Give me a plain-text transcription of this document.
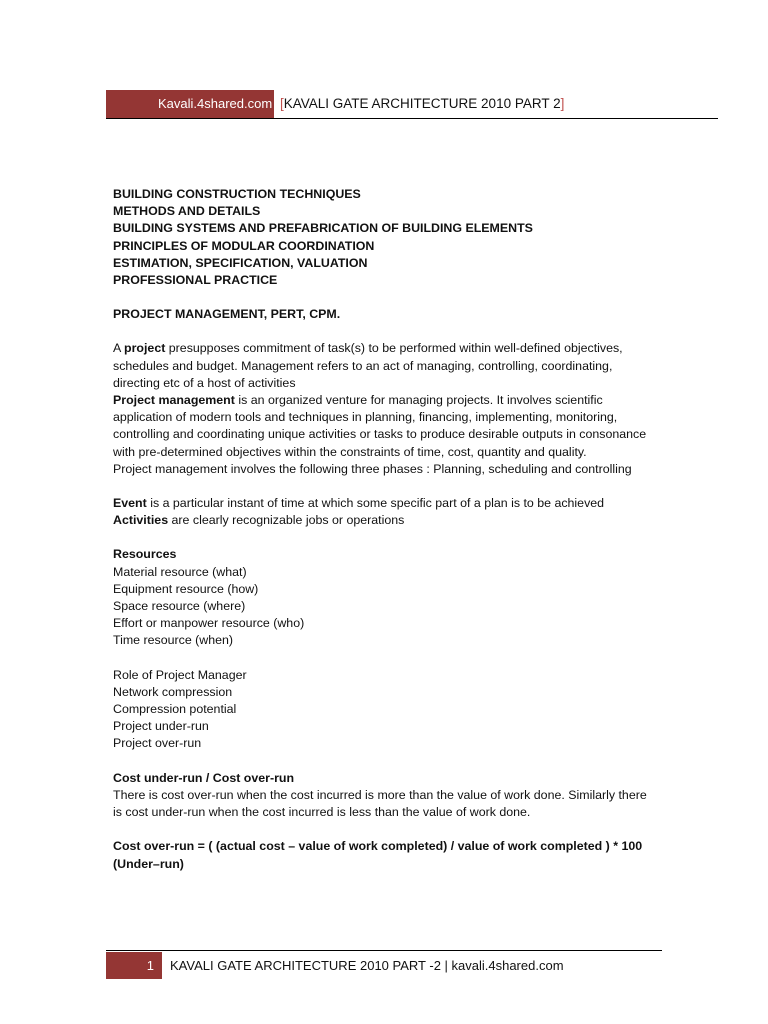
Kavali.4shared.com [KAVALI GATE ARCHITECTURE 2010 PART 2]

BUILDING CONSTRUCTION TECHNIQUES

METHODS AND DETAILS

BUILDING SYSTEMS AND PREFABRICATION OF BUILDING ELEMENTS

PRINCIPLES OF MODULAR COORDINATION

ESTIMATION, SPECIFICATION, VALUATION

PROFESSIONAL PRACTICE

PROJECT MANAGEMENT, PERT, CPM.

A project presupposes commitment of task(s) to be performed within well-defined objectives,

schedules and budget. Management refers to an act of managing, controlling, coordinating,

directing etc of a host of activities

Project management is an organized venture for managing projects. It involves scientific

application of modern tools and techniques in planning, financing, implementing, monitoring,

controlling and coordinating unique activities or tasks to produce desirable outputs in consonance

with pre-determined objectives within the constraints of time, cost, quantity and quality.

Project management involves the following three phases : Planning, scheduling and controlling

Event is a particular instant of time at which some specific part of a plan is to be achieved

Activities are clearly recognizable jobs or operations

Resources

Material resource (what)

Equipment resource (how)

Space resource (where)

Effort or manpower resource (who)

Time resource (when)

Role of Project Manager

Network compression

Compression potential

Project under-run

Project over-run

Cost under-run / Cost over-run

There is cost over-run when the cost incurred is more than the value of work done. Similarly there

is cost under-run when the cost incurred is less than the value of work done.

Cost over-run = ( (actual cost – value of work completed) / value of work completed ) * 100

(Under–run)

1	KAVALI GATE ARCHITECTURE 2010 PART -2 | kavali.4shared.com
